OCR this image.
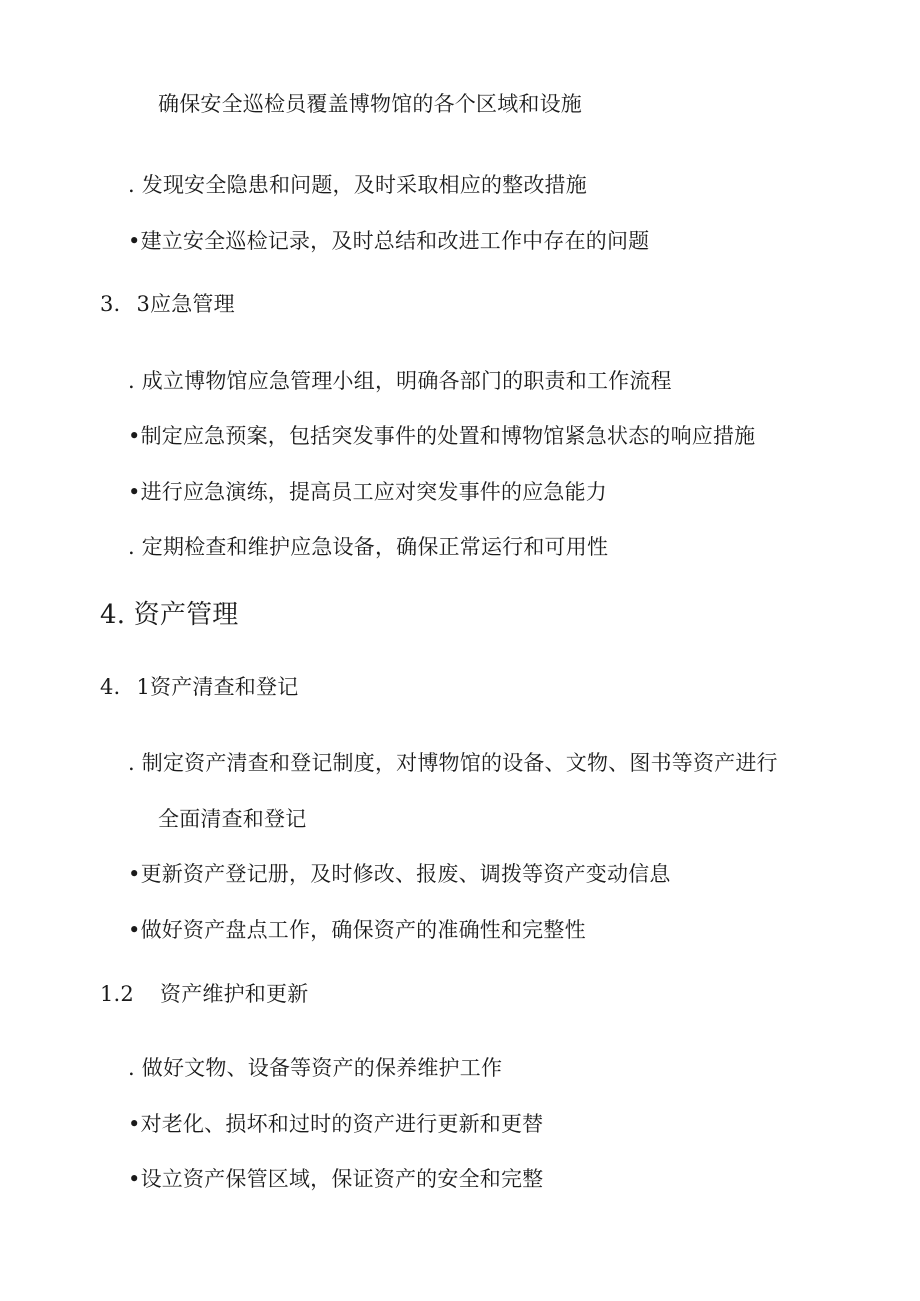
确保安全巡检员覆盖博物馆的各个区域和设施
. 发现安全隐患和问题，及时采取相应的整改措施
•建立安全巡检记录，及时总结和改进工作中存在的问题
3. 3应急管理
. 成立博物馆应急管理小组，明确各部门的职责和工作流程
•制定应急预案，包括突发事件的处置和博物馆紧急状态的响应措施
•进行应急演练，提高员工应对突发事件的应急能力
. 定期检查和维护应急设备，确保正常运行和可用性
4. 资产管理
4. 1资产清查和登记
. 制定资产清查和登记制度，对博物馆的设备、文物、图书等资产进行
全面清查和登记
•更新资产登记册，及时修改、报废、调拨等资产变动信息
•做好资产盘点工作，确保资产的准确性和完整性
1.2 资产维护和更新
. 做好文物、设备等资产的保养维护工作
•对老化、损坏和过时的资产进行更新和更替
•设立资产保管区域，保证资产的安全和完整
